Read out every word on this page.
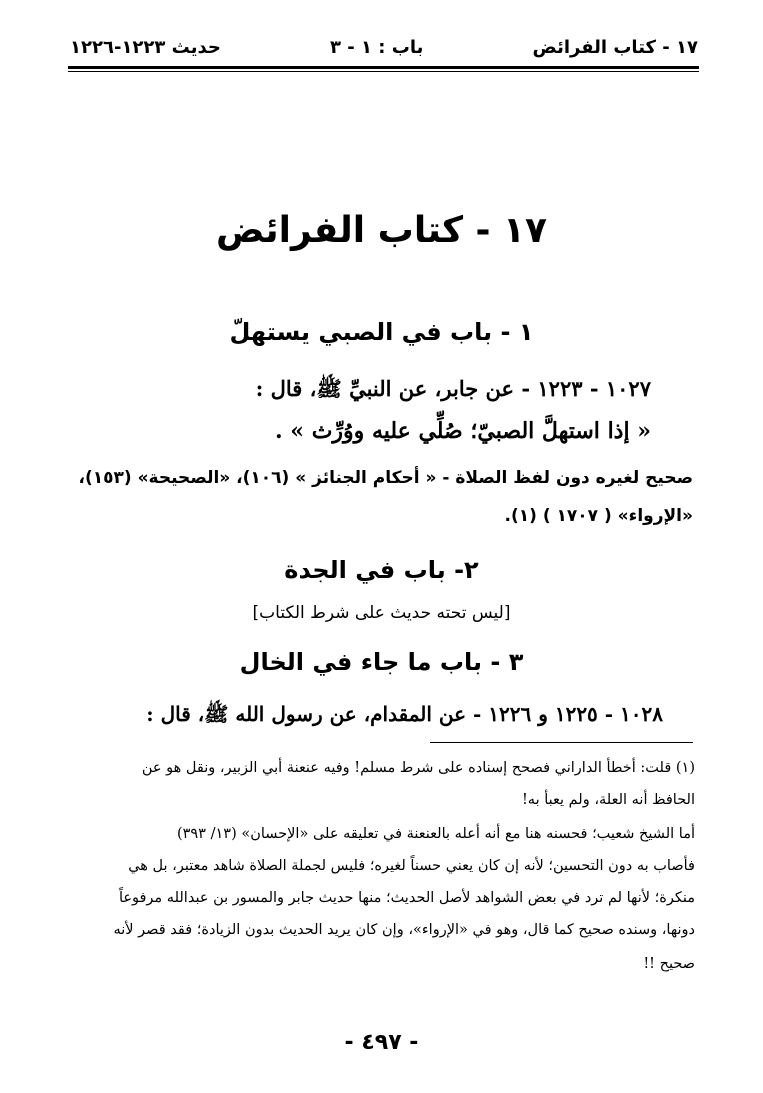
١٧ - كتاب الفرائض
باب : ١ - ٣
حديث ١٢٢٣-١٢٢٦
١٧ - كتاب الفرائض
١ - باب في الصبي يستهلّ
١٠٢٧ - ١٢٢٣ - عن جابر، عن النبيِّ ﷺ، قال :
« إذا استهلَّ الصبيّ؛ صُلِّي عليه ووُرِّث » .
صحيح لغيره دون لفظ الصلاة - « أحكام الجنائز » (١٠٦)، «الصحيحة» (١٥٣)،
«الإرواء» ( ١٧٠٧ ) (١).
٢- باب في الجدة
[ليس تحته حديث على شرط الكتاب]
٣ - باب ما جاء في الخال
١٠٢٨ - ١٢٢٥ و ١٢٢٦ - عن المقدام، عن رسول الله ﷺ، قال :
(١) قلت: أخطأ الداراني فصحح إسناده على شرط مسلم! وفيه عنعنة أبي الزبير، ونقل هو عن
الحافظ أنه العلة، ولم يعبأ به!
أما الشيخ شعيب؛ فحسنه هنا مع أنه أعله بالعنعنة في تعليقه على «الإحسان» (١٣/ ٣٩٣)
فأصاب به دون التحسين؛ لأنه إن كان يعني حسناً لغيره؛ فليس لجملة الصلاة شاهد معتبر، بل هي
منكرة؛ لأنها لم ترد في بعض الشواهد لأصل الحديث؛ منها حديث جابر والمسور بن عبدالله مرفوعاً
دونها، وسنده صحيح كما قال، وهو في «الإرواء»، وإن كان يريد الحديث بدون الزيادة؛ فقد قصر لأنه
صحيح !!
- ٤٩٧ -
